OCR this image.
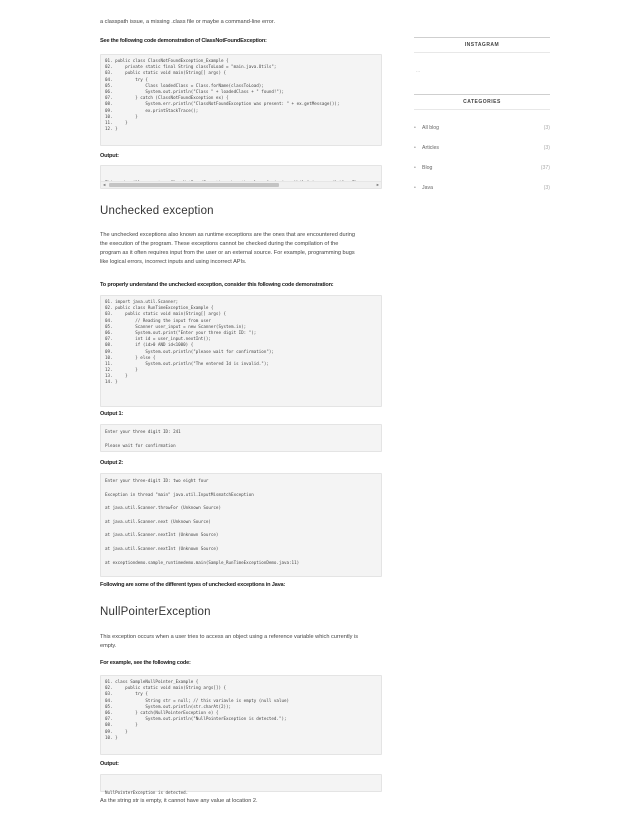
a classpath issue, a missing .class file or maybe a command-line error.

See the following code demonstration of ClassNotFoundException:

01. public class ClassNotFoundException_Example {
02.     private static final String classToLoad = "main.java.Utils";
03.     public static void main(String[] args) {
04.         try {
05.             Class loadedClass = Class.forName(classToLoad);
06.             System.out.println("Class " + loadedClass + " found!");
07.         } catch (ClassNotFoundException ex) {
08.             System.err.println("ClassNotFoundException was present: " + ex.getMessage());
09.             ex.printStackTrace();
10.         }
11.     }
12. }

Output:

◀

	▶

Unchecked exception

The unchecked exceptions also known as runtime exceptions are the ones that are encountered during

the execution of the program. These exceptions cannot be checked during the compilation of the

program as it often requires input from the user or an external source. For example, programming bugs

like logical errors, incorrect inputs and using incorrect APIs.

To properly understand the unchecked exception, consider this following code demonstration:

01. import java.util.Scanner;
02. public class RunTimeException_Example {
03.     public static void main(String[] args) {
04.         // Reading the input from user
05.         Scanner user_input = new Scanner(System.in);
06.         System.out.print("Enter your three digit ID: ");
07.         int id = user_input.nextInt();
08.         if (id>0 AND id<1000) {
09.             System.out.println("please wait for confirmation");
10.         } else {
11.             System.out.println("The entered Id is invalid.");
12.         }
13.     }
14. }

Output 1:

Enter your three digit ID: 241
Please wait for confirmation

Output 2:

Enter your three-digit ID: two eight four
Exception in thread "main" java.util.InputMismatchException
at java.util.Scanner.throwFor (Unknown Source)
at java.util.Scanner.next (Unknown Source)
at java.util.Scanner.nextInt (Unknown Source)
at java.util.Scanner.nextInt (Unknown Source)
at exceptiondemo.sample_runtimedemo.main(Sample_RunTimeExceptionDemo.java:11)

Following are some of the different types of unchecked exceptions in Java:

NullPointerException

This exception occurs when a user tries to access an object using a reference variable which currently is

empty.

For example, see the following code:

01. class SampleNullPointer_Example {
02.     public static void main(String args[]) {
03.         try {
04.             String str = null; // this variavle is empty (null value)
05.             System.out.println(str.charAt(2));
06.         } catch(NullPointerException e) {
07.             System.out.println("NullPointerException is detected.");
08.         }
09.     }
10. }

Output:

NullPointerException is detected.

As the string str is empty, it cannot have any value at location 2.

INSTAGRAM
...
CATEGORIES
• All blog	(3)
• Articles	(3)
• Blog	(37)
• Java	(3)
